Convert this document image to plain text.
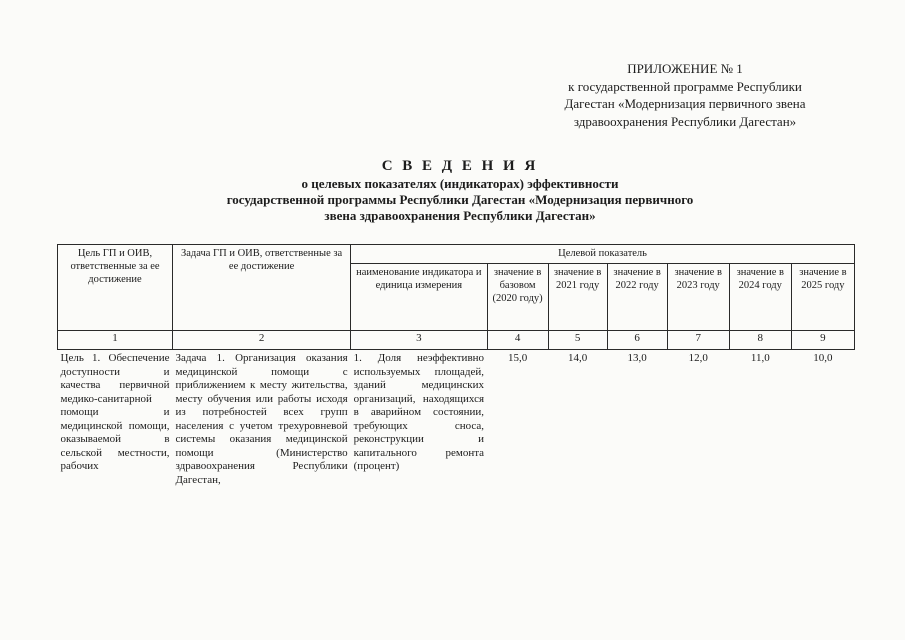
ПРИЛОЖЕНИЕ № 1
к государственной программе Республики
Дагестан «Модернизация первичного звена
здравоохранения Республики Дагестан»
С В Е Д Е Н И Я
о целевых показателях (индикаторах) эффективности
государственной программы Республики Дагестан «Модернизация первичного
звена здравоохранения Республики Дагестан»
Цель ГП и ОИВ, ответственные за ее достижение	Задача ГП и ОИВ, ответственные за ее достижение	Целевой показатель						
		наименование индикатора и единица измерения	значение в базовом (2020 году)	значение в 2021 году	значение в 2022 году	значение в 2023 году	значение в 2024 году	значение в 2025 году
1	2	3	4	5	6	7	8	9
Цель 1. Обеспечение доступности и качества первичной медико-санитарной помощи и медицинской помощи, оказываемой в сельской местности, рабочих	Задача 1. Организация оказания медицинской помощи с приближением к месту жительства, месту обучения или работы исходя из потребностей всех групп населения с учетом трехуровневой системы оказания медицинской помощи (Министерство здравоохранения Республики Дагестан,	1. Доля неэффективно используемых площадей, зданий медицинских организаций, находящихся в аварийном состоянии, требующих сноса, реконструкции и капитального ремонта (процент)	15,0	14,0	13,0	12,0	11,0	10,0
